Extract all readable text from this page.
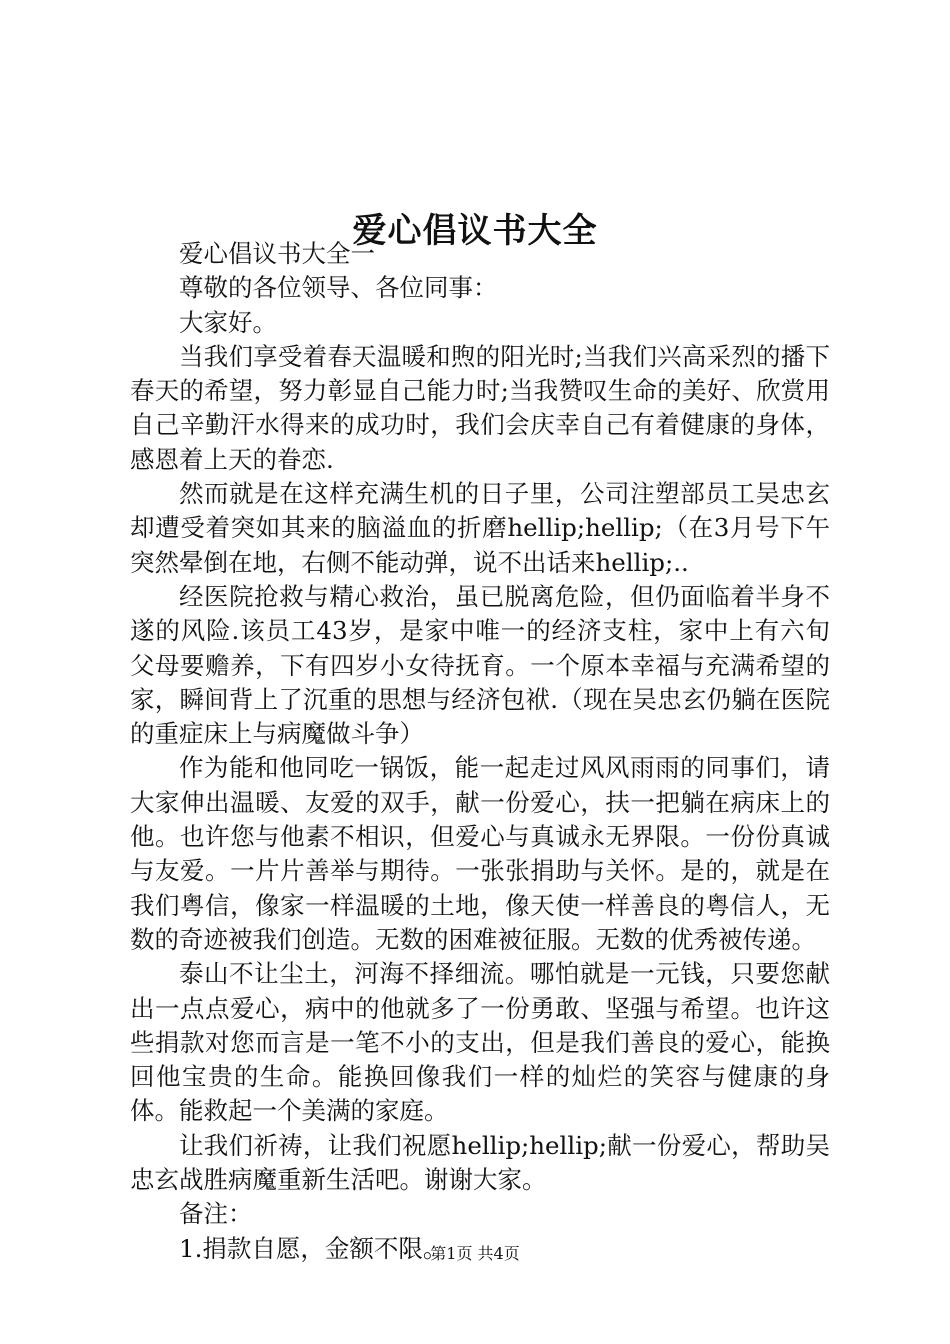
爱心倡议书大全

爱心倡议书大全一

尊敬的各位领导、各位同事：

大家好。

当我们享受着春天温暖和煦的阳光时;当我们兴高采烈的播下春天的希望，努力彰显自己能力时;当我赞叹生命的美好、欣赏用自己辛勤汗水得来的成功时，我们会庆幸自己有着健康的身体，感恩着上天的眷恋.

然而就是在这样充满生机的日子里，公司注塑部员工吴忠玄却遭受着突如其来的脑溢血的折磨hellip;hellip;（在3月号下午突然晕倒在地，右侧不能动弹，说不出话来hellip;..

经医院抢救与精心救治，虽已脱离危险，但仍面临着半身不遂的风险.该员工43岁，是家中唯一的经济支柱，家中上有六旬父母要赡养，下有四岁小女待抚育。一个原本幸福与充满希望的家，瞬间背上了沉重的思想与经济包袱.（现在吴忠玄仍躺在医院的重症床上与病魔做斗争）

作为能和他同吃一锅饭，能一起走过风风雨雨的同事们，请大家伸出温暖、友爱的双手，献一份爱心，扶一把躺在病床上的他。也许您与他素不相识，但爱心与真诚永无界限。一份份真诚与友爱。一片片善举与期待。一张张捐助与关怀。是的，就是在我们粤信，像家一样温暖的土地，像天使一样善良的粤信人，无数的奇迹被我们创造。无数的困难被征服。无数的优秀被传递。

泰山不让尘土，河海不择细流。哪怕就是一元钱，只要您献出一点点爱心，病中的他就多了一份勇敢、坚强与希望。也许这些捐款对您而言是一笔不小的支出，但是我们善良的爱心，能换回他宝贵的生命。能换回像我们一样的灿烂的笑容与健康的身体。能救起一个美满的家庭。

让我们祈祷，让我们祝愿hellip;hellip;献一份爱心，帮助吴忠玄战胜病魔重新生活吧。谢谢大家。

备注：

1.捐款自愿，金额不限。

第1页 共4页
